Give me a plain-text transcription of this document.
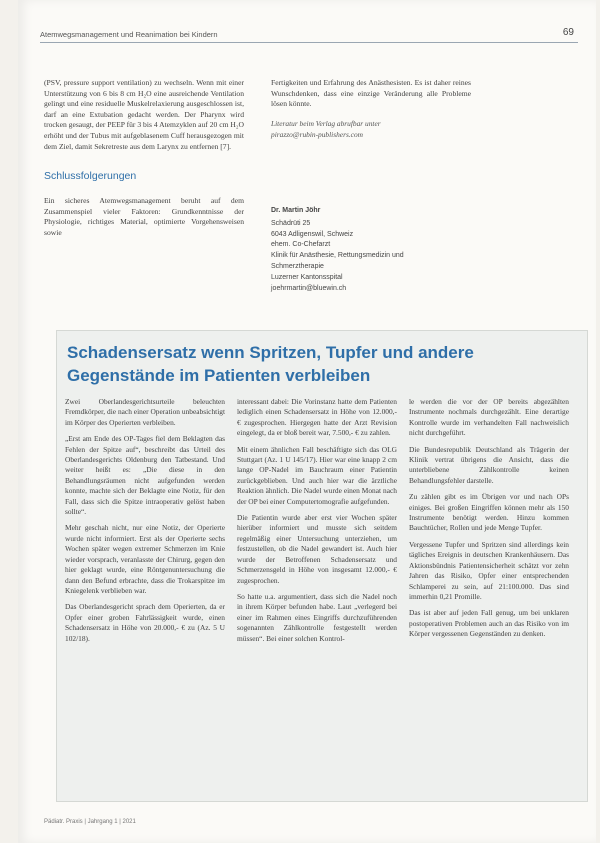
Atemwegsmanagement und Reanimation bei Kindern	69

(PSV, pressure support ventilation) zu wechseln. Wenn mit einer Unterstützung von 6 bis 8 cm H₂O eine ausreichende Ventilation gelingt und eine residuelle Muskelrelaxierung ausgeschlossen ist, darf an eine Extubation gedacht werden. Der Pharynx wird trocken gesaugt, der PEEP für 3 bis 4 Atemzyklen auf 20 cm H₂O erhöht und der Tubus mit aufgeblasenem Cuff herausgezogen mit dem Ziel, damit Sekretreste aus dem Larynx zu entfernen [7].

Schlussfolgerungen

Ein sicheres Atemwegsmanagement beruht auf dem Zusammenspiel vieler Faktoren: Grundkenntnisse der Physiologie, richtiges Material, optimierte Vorgehensweisen sowie

Fertigkeiten und Erfahrung des Anästhesisten. Es ist daher reines Wunschdenken, dass eine einzige Veränderung alle Probleme lösen könnte.

Literatur beim Verlag abrufbar unter
pirazzo@rubin-publishers.com
Dr. Martin Jöhr
Schädrüti 25
6043 Adligenswil, Schweiz
ehem. Co-Chefarzt
Klinik für Anästhesie, Rettungsmedizin und
Schmerztherapie
Luzerner Kantonsspital
joehrmartin@bluewin.ch
Schadensersatz wenn Spritzen, Tupfer und andere Gegenstände im Patienten verbleiben

Zwei Oberlandesgerichtsurteile beleuchten Fremdkörper, die nach einer Operation unbeabsichtigt im Körper des Operierten verbleiben.

„Erst am Ende des OP-Tages fiel dem Beklagten das Fehlen der Spitze auf“, beschreibt das Urteil des Oberlandesgerichts Oldenburg den Tatbestand. Und weiter heißt es: „Die diese in den Behandlungsräumen nicht aufgefunden werden konnte, machte sich der Beklagte eine Notiz, für den Fall, dass sich die Spitze intraoperativ gelöst haben sollte“.

Mehr geschah nicht, nur eine Notiz, der Operierte wurde nicht informiert. Erst als der Operierte sechs Wochen später wegen extremer Schmerzen im Knie wieder vorsprach, veranlasste der Chirurg, gegen den hier geklagt wurde, eine Röntgenuntersuchung die dann den Befund erbrachte, dass die Trokarspitze im Kniegelenk verblieben war.

Das Oberlandesgericht sprach dem Operierten, da er Opfer einer groben Fahrlässigkeit wurde, einen Schadensersatz in Höhe von 20.000,- € zu (Az. 5 U 102/18).

interessant dabei: Die Vorinstanz hatte dem Patienten lediglich einen Schadensersatz in Höhe von 12.000,- € zugesprochen. Hiergegen hatte der Arzt Revision eingelegt, da er bloß bereit war, 7.500,- € zu zahlen.

Mit einem ähnlichen Fall beschäftigte sich das OLG Stuttgart (Az. 1 U 145/17). Hier war eine knapp 2 cm lange OP-Nadel im Bauchraum einer Patientin zurückgeblieben. Und auch hier war die ärztliche Reaktion ähnlich. Die Nadel wurde einen Monat nach der OP bei einer Computertomografie aufgefunden.

Die Patientin wurde aber erst vier Wochen später hierüber informiert und musste sich seitdem regelmäßig einer Untersuchung unterziehen, um festzustellen, ob die Nadel gewandert ist. Auch hier wurde der Betroffenen Schadensersatz und Schmerzensgeld in Höhe von insgesamt 12.000,- € zugesprochen.

So hatte u.a. argumentiert, dass sich die Nadel noch in ihrem Körper befunden habe. Laut „verlegerd bei einer im Rahmen eines Eingriffs durchzuführenden sogenannten Zählkontrolle festgestellt werden müssen“. Bei einer solchen Kontrol-

le werden die vor der OP bereits abgezählten Instrumente nochmals durchgezählt. Eine derartige Kontrolle wurde im verhandelten Fall nachweislich nicht durchgeführt.

Die Bundesrepublik Deutschland als Trägerin der Klinik vertrat übrigens die Ansicht, dass die unterbliebene Zählkontrolle keinen Behandlungsfehler darstelle.

Zu zählen gibt es im Übrigen vor und nach OPs einiges. Bei großen Eingriffen können mehr als 150 Instrumente benötigt werden. Hinzu kommen Bauchtücher, Rollen und jede Menge Tupfer.

Vergessene Tupfer und Spritzen sind allerdings kein tägliches Ereignis in deutschen Krankenhäusern. Das Aktionsbündnis Patientensicherheit schätzt vor zehn Jahren das Risiko, Opfer einer entsprechenden Schlamperei zu sein, auf 21:100.000. Das sind immerhin 0,21 Promille.

Das ist aber auf jeden Fall genug, um bei unklaren postoperativen Problemen auch an das Risiko von im Körper vergessenen Gegenständen zu denken.

Pädiatr. Praxis | Jahrgang 1 | 2021
